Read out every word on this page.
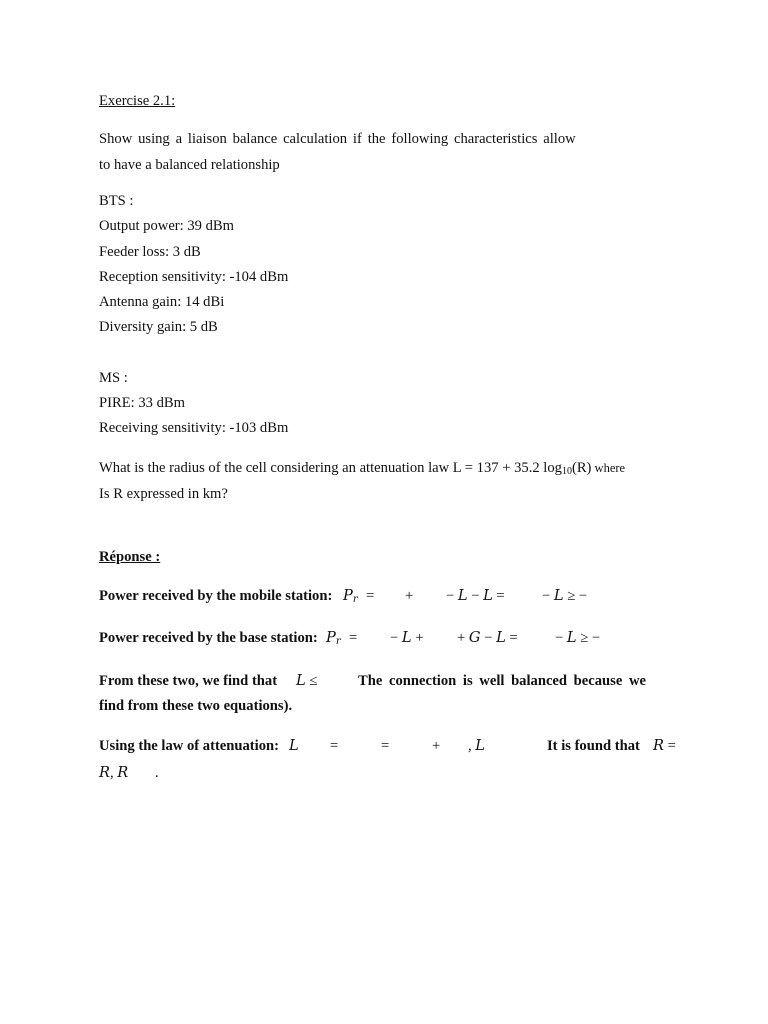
Exercise 2.1:
Show using a liaison balance calculation if the following characteristics allow
to have a balanced relationship
BTS :
Output power: 39 dBm
Feeder loss: 3 dB
Reception sensitivity: -104 dBm
Antenna gain: 14 dBi
Diversity gain: 5 dB
MS :
PIRE: 33 dBm
Receiving sensitivity: -103 dBm
What is the radius of the cell considering an attenuation law L = 137 + 35.2 $\log_{10}(R)$ where
Is R expressed in km?
Réponse :
Power received by the mobile station: 𝑃$_𝑟$ = + − 𝐿 − 𝐿 =	− 𝐿 ≥ −
Power received by the base station: 𝑃$_𝑟$ = − 𝐿 + + 𝐺 − 𝐿 =	− 𝐿 ≥ −
From these two, we find that 𝐿 ≤	The connection is well balanced because we
find from these two equations).
Using the law of attenuation: 𝐿 =	=	+ , 𝐿	It is found that 𝑅 =
𝑅, 𝑅 .
